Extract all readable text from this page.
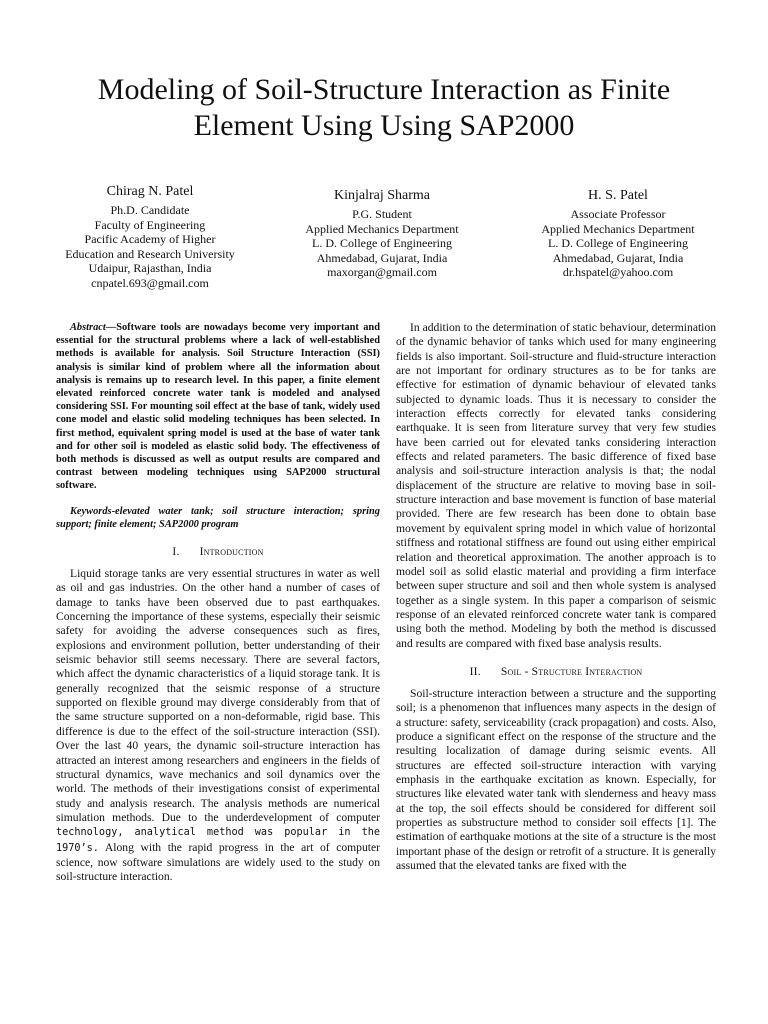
Modeling of Soil-Structure Interaction as Finite
Element Using Using SAP2000
Chirag N. Patel
Ph.D. Candidate
Faculty of Engineering
Pacific Academy of Higher
Education and Research University
Udaipur, Rajasthan, India
cnpatel.693@gmail.com
Kinjalraj Sharma
P.G. Student
Applied Mechanics Department
L. D. College of Engineering
Ahmedabad, Gujarat, India
maxorgan@gmail.com
H. S. Patel
Associate Professor
Applied Mechanics Department
L. D. College of Engineering
Ahmedabad, Gujarat, India
dr.hspatel@yahoo.com

Abstract—Software tools are nowadays become very important and essential for the structural problems where a lack of well-established methods is available for analysis. Soil Structure Interaction (SSI) analysis is similar kind of problem where all the information about analysis is remains up to research level. In this paper, a finite element elevated reinforced concrete water tank is modeled and analysed considering SSI. For mounting soil effect at the base of tank, widely used cone model and elastic solid modeling techniques has been selected. In first method, equivalent spring model is used at the base of water tank and for other soil is modeled as elastic solid body. The effectiveness of both methods is discussed as well as output results are compared and contrast between modeling techniques using SAP2000 structural software.

Keywords-elevated water tank; soil structure interaction; spring support; finite element; SAP2000 program

I. Introduction

Liquid storage tanks are very essential structures in water as well as oil and gas industries. On the other hand a number of cases of damage to tanks have been observed due to past earthquakes. Concerning the importance of these systems, especially their seismic safety for avoiding the adverse consequences such as fires, explosions and environment pollution, better understanding of their seismic behavior still seems necessary. There are several factors, which affect the dynamic characteristics of a liquid storage tank. It is generally recognized that the seismic response of a structure supported on flexible ground may diverge considerably from that of the same structure supported on a non-deformable, rigid base. This difference is due to the effect of the soil-structure interaction (SSI). Over the last 40 years, the dynamic soil-structure interaction has attracted an interest among researchers and engineers in the fields of structural dynamics, wave mechanics and soil dynamics over the world. The methods of their investigations consist of experimental study and analysis research. The analysis methods are numerical simulation methods. Due to the underdevelopment of computer technology, analytical method was popular in the 1970’s. Along with the rapid progress in the art of computer science, now software simulations are widely used to the study on soil-structure interaction.

In addition to the determination of static behaviour, determination of the dynamic behavior of tanks which used for many engineering fields is also important. Soil-structure and fluid-structure interaction are not important for ordinary structures as to be for tanks are effective for estimation of dynamic behaviour of elevated tanks subjected to dynamic loads. Thus it is necessary to consider the interaction effects correctly for elevated tanks considering earthquake. It is seen from literature survey that very few studies have been carried out for elevated tanks considering interaction effects and related parameters. The basic difference of fixed base analysis and soil-structure interaction analysis is that; the nodal displacement of the structure are relative to moving base in soil-structure interaction and base movement is function of base material provided. There are few research has been done to obtain base movement by equivalent spring model in which value of horizontal stiffness and rotational stiffness are found out using either empirical relation and theoretical approximation. The another approach is to model soil as solid elastic material and providing a firm interface between super structure and soil and then whole system is analysed together as a single system. In this paper a comparison of seismic response of an elevated reinforced concrete water tank is compared using both the method. Modeling by both the method is discussed and results are compared with fixed base analysis results.

II. Soil - Structure Interaction

Soil-structure interaction between a structure and the supporting soil; is a phenomenon that influences many aspects in the design of a structure: safety, serviceability (crack propagation) and costs. Also, produce a significant effect on the response of the structure and the resulting localization of damage during seismic events. All structures are effected soil-structure interaction with varying emphasis in the earthquake excitation as known. Especially, for structures like elevated water tank with slenderness and heavy mass at the top, the soil effects should be considered for different soil properties as substructure method to consider soil effects [1]. The estimation of earthquake motions at the site of a structure is the most important phase of the design or retrofit of a structure. It is generally assumed that the elevated tanks are fixed with the
